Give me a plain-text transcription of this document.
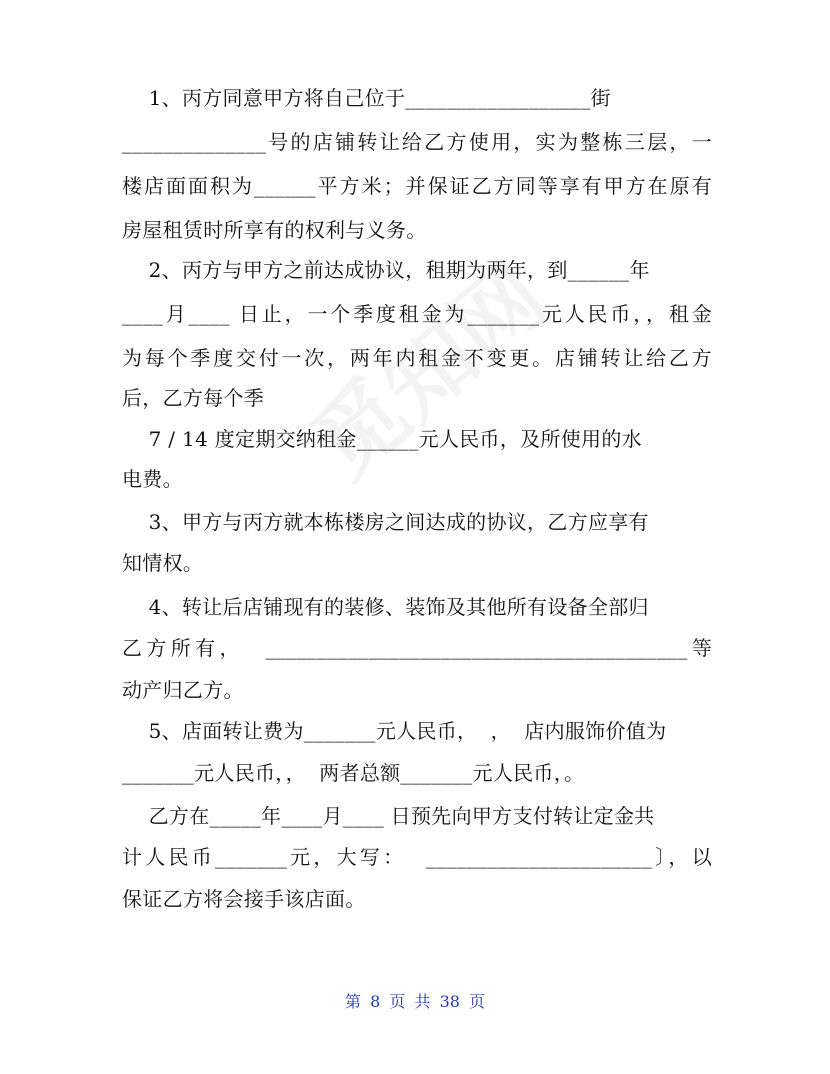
1、丙方同意甲方将自己位于__________________街
______________号的店铺转让给乙方使用，实为整栋三层，一
楼店面面积为______平方米；并保证乙方同等享有甲方在原有
房屋租赁时所享有的权利与义务。
2、丙方与甲方之前达成协议，租期为两年，到______年
____月____ 日止，一个季度租金为_______元人民币，，租金
为每个季度交付一次，两年内租金不变更。店铺转让给乙方
后，乙方每个季
7 / 14 度定期交纳租金______元人民币，及所使用的水
电费。
3、甲方与丙方就本栋楼房之间达成的协议，乙方应享有
知情权。
4、转让后店铺现有的装修、装饰及其他所有设备全部归
乙方所有，  _________________________________________等
动产归乙方。
5、店面转让费为_______元人民币，  ，  店内服饰价值为
_______元人民币，，  两者总额_______元人民币，。
乙方在_____年____月____ 日预先向甲方支付转让定金共
计人民币_______元，大写：  ______________________〕，以
保证乙方将会接手该店面。
第 8 页 共 38 页
